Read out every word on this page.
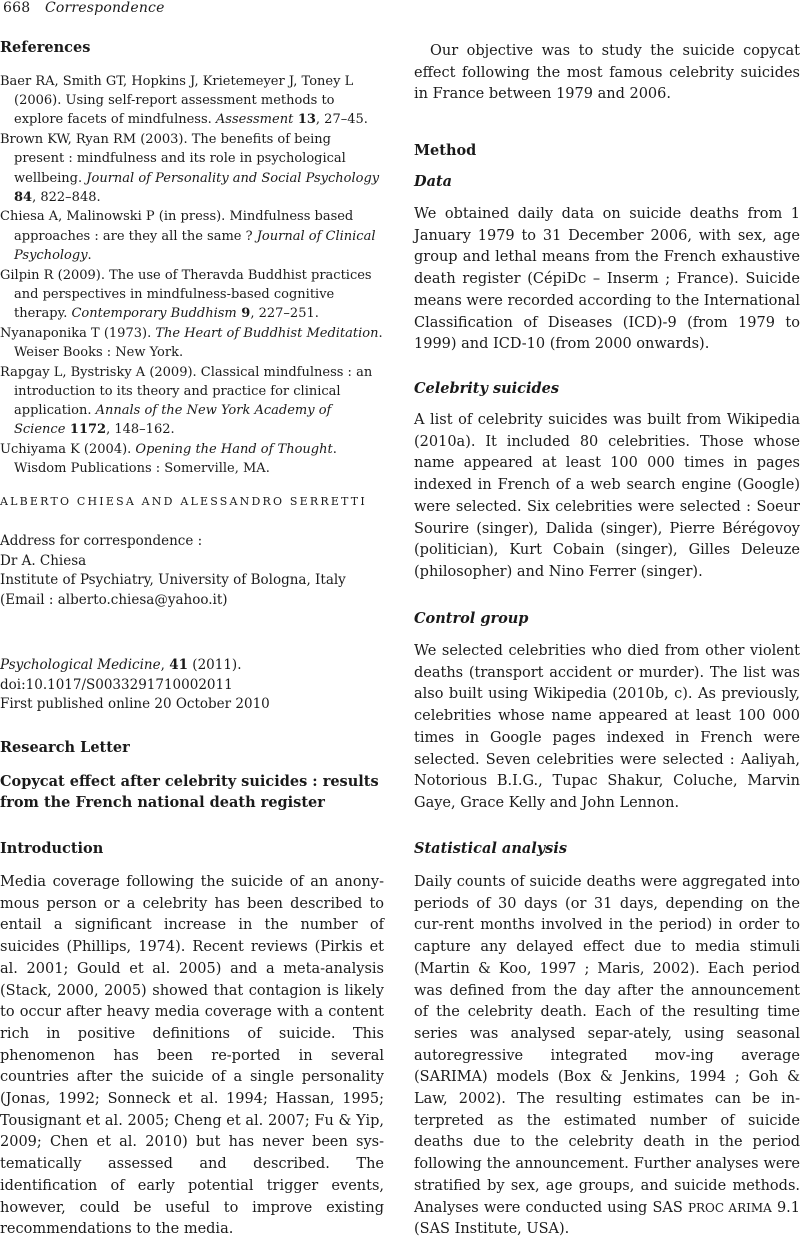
668 Correspondence
References

Baer RA, Smith GT, Hopkins J, Krietemeyer J, Toney L (2006). Using self-report assessment methods to explore facets of mindfulness. Assessment 13, 27–45.

Brown KW, Ryan RM (2003). The benefits of being present : mindfulness and its role in psychological wellbeing. Journal of Personality and Social Psychology 84, 822–848.

Chiesa A, Malinowski P (in press). Mindfulness based approaches : are they all the same ? Journal of Clinical Psychology.

Gilpin R (2009). The use of Theravda Buddhist practices and perspectives in mindfulness-based cognitive therapy. Contemporary Buddhism 9, 227–251.

Nyanaponika T (1973). The Heart of Buddhist Meditation. Weiser Books : New York.

Rapgay L, Bystrisky A (2009). Classical mindfulness : an introduction to its theory and practice for clinical application. Annals of the New York Academy of Science 1172, 148–162.

Uchiyama K (2004). Opening the Hand of Thought. Wisdom Publications : Somerville, MA.

ALBERTO CHIESA AND ALESSANDRO SERRETTI
Address for correspondence :
Dr A. Chiesa
Institute of Psychiatry, University of Bologna, Italy
(Email : alberto.chiesa@yahoo.it)
Psychological Medicine, 41 (2011).
doi:10.1017/S0033291710002011
First published online 20 October 2010
Research Letter
Copycat effect after celebrity suicides : results from the French national death register
Introduction

Media coverage following the suicide of an anony-mous person or a celebrity has been described to entail a significant increase in the number of suicides (Phillips, 1974). Recent reviews (Pirkis et al. 2001; Gould et al. 2005) and a meta-analysis (Stack, 2000, 2005) showed that contagion is likely to occur after heavy media coverage with a content rich in positive definitions of suicide. This phenomenon has been re-ported in several countries after the suicide of a single personality (Jonas, 1992; Sonneck et al. 1994; Hassan, 1995; Tousignant et al. 2005; Cheng et al. 2007; Fu & Yip, 2009; Chen et al. 2010) but has never been sys-tematically assessed and described. The identification of early potential trigger events, however, could be useful to improve existing recommendations to the media.

Our objective was to study the suicide copycat effect following the most famous celebrity suicides in France between 1979 and 2006.

Method
Data

We obtained daily data on suicide deaths from 1 January 1979 to 31 December 2006, with sex, age group and lethal means from the French exhaustive death register (CépiDc – Inserm ; France). Suicide means were recorded according to the International Classification of Diseases (ICD)-9 (from 1979 to 1999) and ICD-10 (from 2000 onwards).

Celebrity suicides

A list of celebrity suicides was built from Wikipedia (2010a). It included 80 celebrities. Those whose name appeared at least 100 000 times in pages indexed in French of a web search engine (Google) were selected. Six celebrities were selected : Soeur Sourire (singer), Dalida (singer), Pierre Bérégovoy (politician), Kurt Cobain (singer), Gilles Deleuze (philosopher) and Nino Ferrer (singer).

Control group

We selected celebrities who died from other violent deaths (transport accident or murder). The list was also built using Wikipedia (2010b, c). As previously, celebrities whose name appeared at least 100 000 times in Google pages indexed in French were selected. Seven celebrities were selected : Aaliyah, Notorious B.I.G., Tupac Shakur, Coluche, Marvin Gaye, Grace Kelly and John Lennon.

Statistical analysis

Daily counts of suicide deaths were aggregated into periods of 30 days (or 31 days, depending on the cur-rent months involved in the period) in order to capture any delayed effect due to media stimuli (Martin & Koo, 1997 ; Maris, 2002). Each period was defined from the day after the announcement of the celebrity death. Each of the resulting time series was analysed separ-ately, using seasonal autoregressive integrated mov-ing average (SARIMA) models (Box & Jenkins, 1994 ; Goh & Law, 2002). The resulting estimates can be in-terpreted as the estimated number of suicide deaths due to the celebrity death in the period following the announcement. Further analyses were stratified by sex, age groups, and suicide methods. Analyses were conducted using SAS PROC ARIMA 9.1 (SAS Institute, USA).
